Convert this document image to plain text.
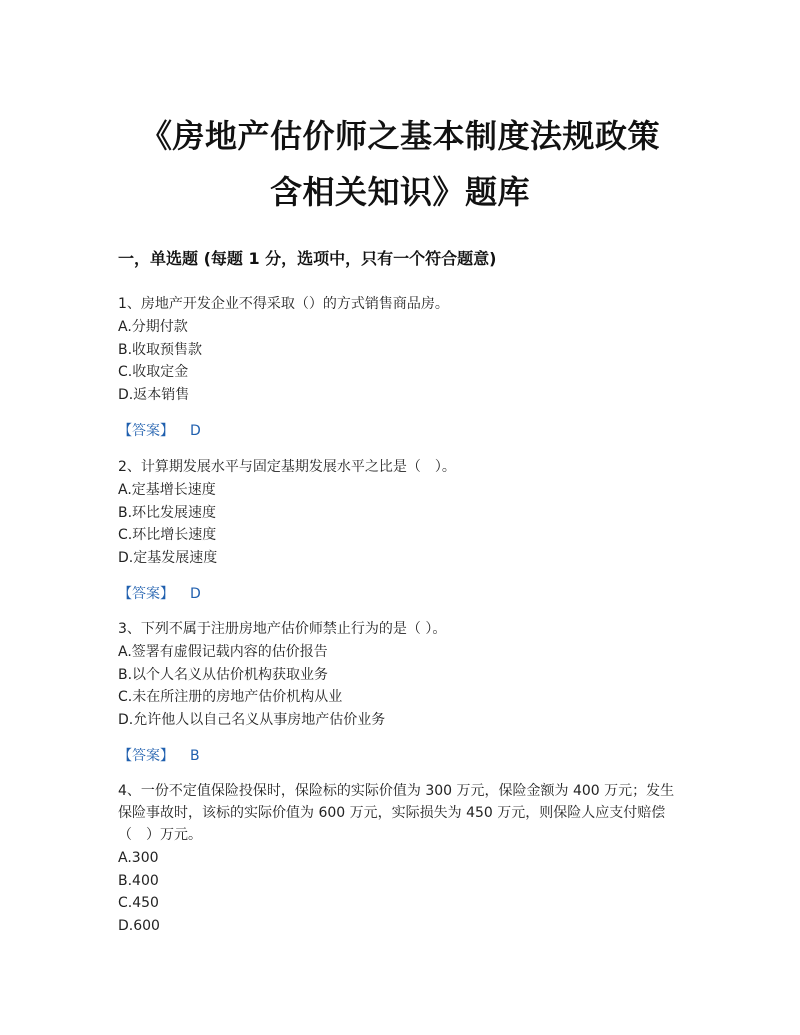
《房地产估价师之基本制度法规政策
含相关知识》题库
一，单选题 (每题 1 分，选项中，只有一个符合题意)
1、房地产开发企业不得采取（）的方式销售商品房。
A.分期付款
B.收取预售款
C.收取定金
D.返本销售
【答案】 D
2、计算期发展水平与固定基期发展水平之比是（　）。
A.定基增长速度
B.环比发展速度
C.环比增长速度
D.定基发展速度
【答案】 D
3、下列不属于注册房地产估价师禁止行为的是（ ）。
A.签署有虚假记载内容的估价报告
B.以个人名义从估价机构获取业务
C.未在所注册的房地产估价机构从业
D.允许他人以自己名义从事房地产估价业务
【答案】 B
4、一份不定值保险投保时，保险标的实际价值为 300 万元，保险金额为 400 万元；发生保险事故时，该标的实际价值为 600 万元，实际损失为 450 万元，则保险人应支付赔偿（　）万元。
A.300
B.400
C.450
D.600
